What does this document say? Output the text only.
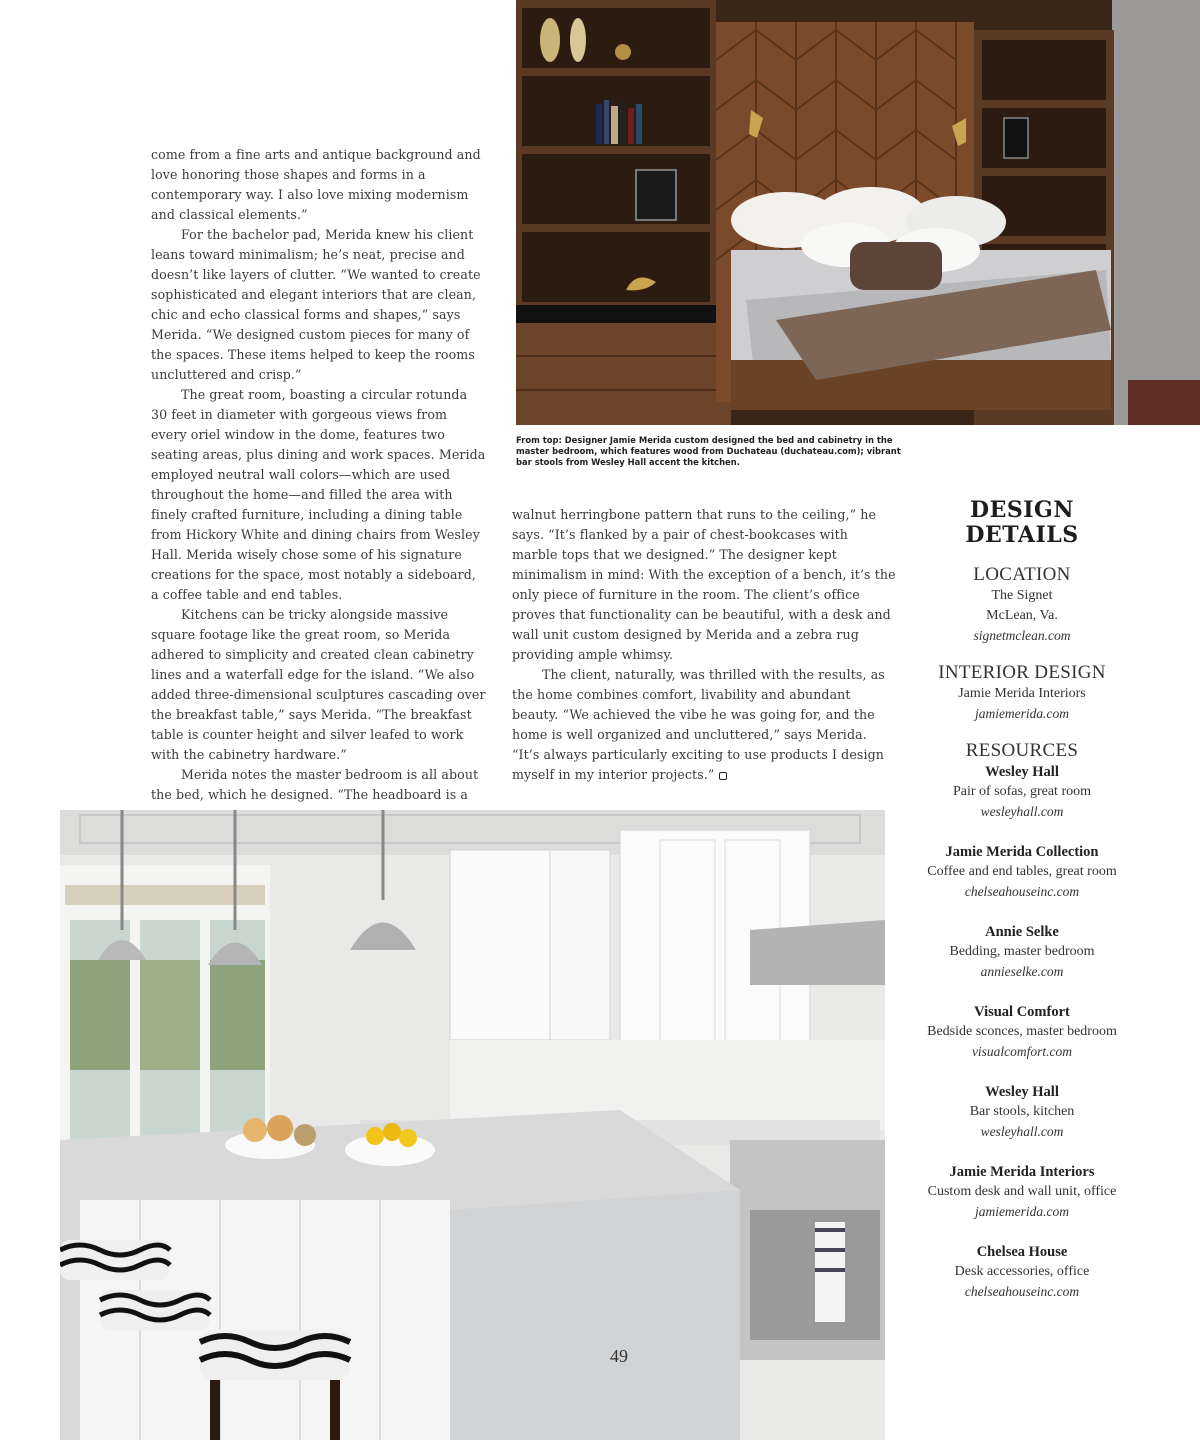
From top: Designer Jamie Merida custom designed the bed and cabinetry in the master bedroom, which features wood from Duchateau (duchateau.com); vibrant bar stools from Wesley Hall accent the kitchen.

come from a fine arts and antique background and love honoring those shapes and forms in a contemporary way. I also love mixing modernism and classical elements.”

For the bachelor pad, Merida knew his client leans toward minimalism; he’s neat, precise and doesn’t like layers of clutter. “We wanted to create sophisticated and elegant interiors that are clean, chic and echo classical forms and shapes,” says Merida. “We designed custom pieces for many of the spaces. These items helped to keep the rooms uncluttered and crisp.”

The great room, boasting a circular rotunda 30 feet in diameter with gorgeous views from every oriel window in the dome, features two seating areas, plus dining and work spaces. Merida employed neutral wall colors—which are used throughout the home—and filled the area with finely crafted furniture, including a dining table from Hickory White and dining chairs from Wesley Hall. Merida wisely chose some of his signature creations for the space, most notably a sideboard, a coffee table and end tables.

Kitchens can be tricky alongside massive square footage like the great room, so Merida adhered to simplicity and created clean cabinetry lines and a waterfall edge for the island. “We also added three-dimensional sculptures cascading over the breakfast table,” says Merida. “The breakfast table is counter height and silver leafed to work with the cabinetry hardware.”

Merida notes the master bedroom is all about the bed, which he designed. “The headboard is a

walnut herringbone pattern that runs to the ceiling,” he says. “It’s flanked by a pair of chest-bookcases with marble tops that we designed.” The designer kept minimalism in mind: With the exception of a bench, it’s the only piece of furniture in the room. The client’s office proves that functionality can be beautiful, with a desk and wall unit custom designed by Merida and a zebra rug providing ample whimsy.

The client, naturally, was thrilled with the results, as the home combines comfort, livability and abundant beauty. “We achieved the vibe he was going for, and the home is well organized and uncluttered,” says Merida. “It’s always particularly exciting to use products I design myself in my interior projects.”

DESIGN
DETAILS
LOCATION
The Signet
McLean, Va.
signetmclean.com
INTERIOR DESIGN
Jamie Merida Interiors
jamiemerida.com
RESOURCES
Wesley Hall
Pair of sofas, great room
wesleyhall.com
Jamie Merida Collection
Coffee and end tables, great room
chelseahouseinc.com
Annie Selke
Bedding, master bedroom
annieselke.com
Visual Comfort
Bedside sconces, master bedroom
visualcomfort.com
Wesley Hall
Bar stools, kitchen
wesleyhall.com
Jamie Merida Interiors
Custom desk and wall unit, office
jamiemerida.com
Chelsea House
Desk accessories, office
chelseahouseinc.com
49
